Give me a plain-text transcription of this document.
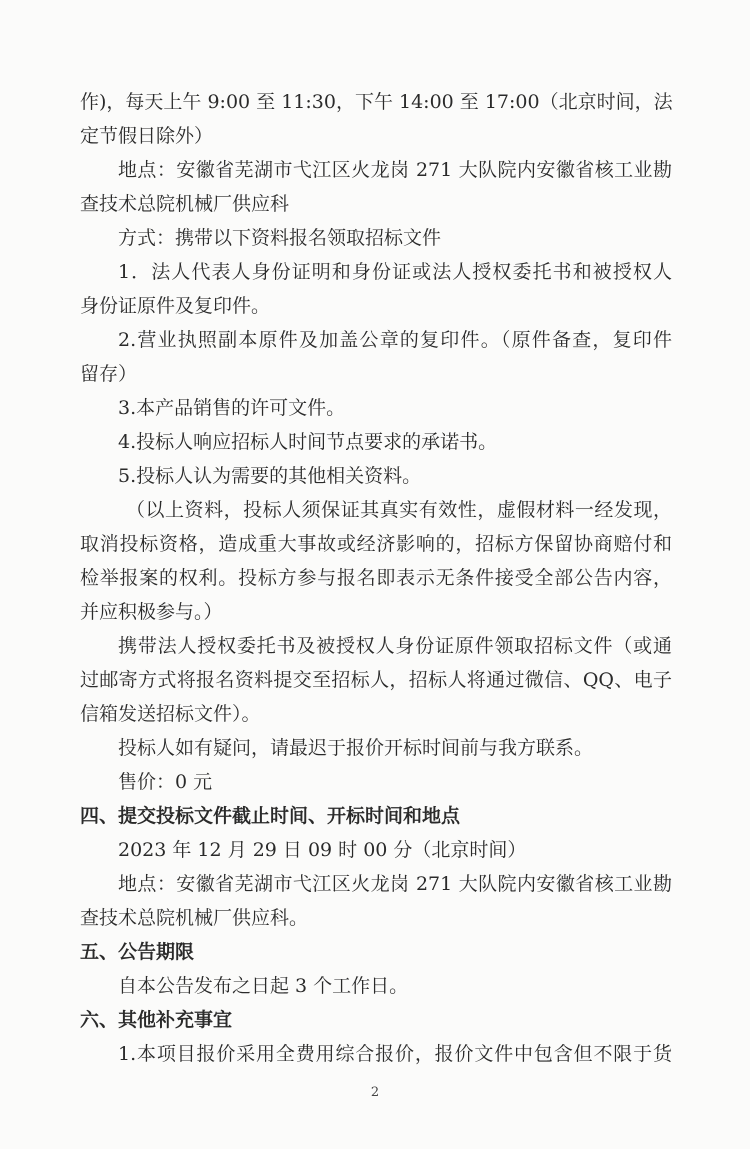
作)，每天上午 9:00 至 11:30，下午 14:00 至 17:00（北京时间，法
定节假日除外）
地点：安徽省芜湖市弋江区火龙岗 271 大队院内安徽省核工业勘
查技术总院机械厂供应科
方式：携带以下资料报名领取招标文件
1．法人代表人身份证明和身份证或法人授权委托书和被授权人
身份证原件及复印件。
2.营业执照副本原件及加盖公章的复印件。（原件备查，复印件
留存）
3.本产品销售的许可文件。
4.投标人响应招标人时间节点要求的承诺书。
5.投标人认为需要的其他相关资料。
（以上资料，投标人须保证其真实有效性，虚假材料一经发现，
取消投标资格，造成重大事故或经济影响的，招标方保留协商赔付和
检举报案的权利。投标方参与报名即表示无条件接受全部公告内容，
并应积极参与。）
携带法人授权委托书及被授权人身份证原件领取招标文件（或通
过邮寄方式将报名资料提交至招标人，招标人将通过微信、QQ、电子
信箱发送招标文件）。
投标人如有疑问，请最迟于报价开标时间前与我方联系。
售价：0 元
四、提交投标文件截止时间、开标时间和地点
2023 年 12 月 29 日 09 时 00 分（北京时间）
地点：安徽省芜湖市弋江区火龙岗 271 大队院内安徽省核工业勘
查技术总院机械厂供应科。
五、公告期限
自本公告发布之日起 3 个工作日。
六、其他补充事宜
1.本项目报价采用全费用综合报价，报价文件中包含但不限于货
2
